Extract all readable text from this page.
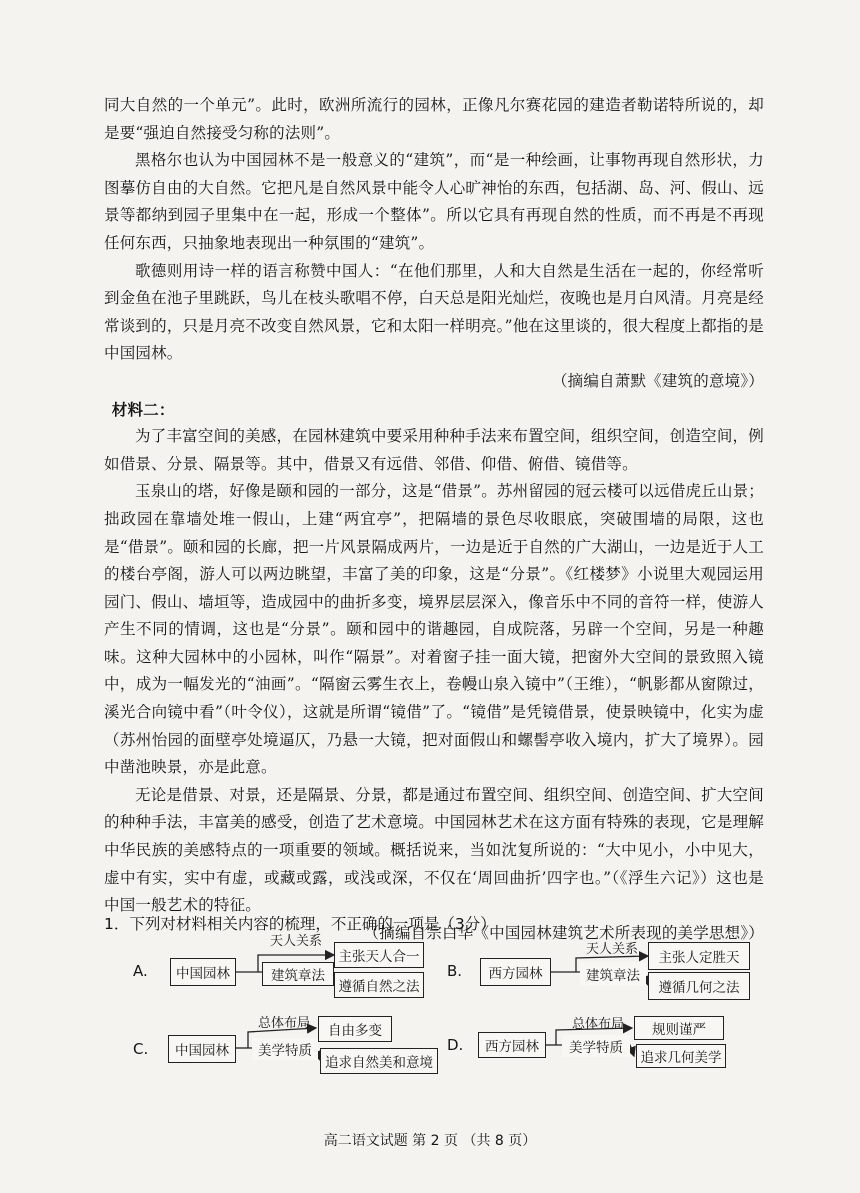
同大自然的一个单元”。此时，欧洲所流行的园林，正像凡尔赛花园的建造者勒诺特所说的，却是要“强迫自然接受匀称的法则”。

黑格尔也认为中国园林不是一般意义的“建筑”，而“是一种绘画，让事物再现自然形状，力图摹仿自由的大自然。它把凡是自然风景中能令人心旷神怡的东西，包括湖、岛、河、假山、远景等都纳到园子里集中在一起，形成一个整体”。所以它具有再现自然的性质，而不再是不再现任何东西，只抽象地表现出一种氛围的“建筑”。

歌德则用诗一样的语言称赞中国人：“在他们那里，人和大自然是生活在一起的，你经常听到金鱼在池子里跳跃，鸟儿在枝头歌唱不停，白天总是阳光灿烂，夜晚也是月白风清。月亮是经常谈到的，只是月亮不改变自然风景，它和太阳一样明亮。”他在这里谈的，很大程度上都指的是中国园林。

（摘编自萧默《建筑的意境》）

材料二：

为了丰富空间的美感，在园林建筑中要采用种种手法来布置空间，组织空间，创造空间，例如借景、分景、隔景等。其中，借景又有远借、邻借、仰借、俯借、镜借等。

玉泉山的塔，好像是颐和园的一部分，这是“借景”。苏州留园的冠云楼可以远借虎丘山景；拙政园在靠墙处堆一假山，上建“两宜亭”，把隔墙的景色尽收眼底，突破围墙的局限，这也是“借景”。颐和园的长廊，把一片风景隔成两片，一边是近于自然的广大湖山，一边是近于人工的楼台亭阁，游人可以两边眺望，丰富了美的印象，这是“分景”。《红楼梦》小说里大观园运用园门、假山、墙垣等，造成园中的曲折多变，境界层层深入，像音乐中不同的音符一样，使游人产生不同的情调，这也是“分景”。颐和园中的谐趣园，自成院落，另辟一个空间，另是一种趣味。这种大园林中的小园林，叫作“隔景”。对着窗子挂一面大镜，把窗外大空间的景致照入镜中，成为一幅发光的“油画”。“隔窗云雾生衣上，卷幔山泉入镜中”（王维），“帆影都从窗隙过，溪光合向镜中看”（叶令仪），这就是所谓“镜借”了。“镜借”是凭镜借景，使景映镜中，化实为虚（苏州怡园的面壁亭处境逼仄，乃悬一大镜，把对面假山和螺髻亭收入境内，扩大了境界）。园中凿池映景，亦是此意。

无论是借景、对景，还是隔景、分景，都是通过布置空间、组织空间、创造空间、扩大空间的种种手法，丰富美的感受，创造了艺术意境。中国园林艺术在这方面有特殊的表现，它是理解中华民族的美感特点的一项重要的领域。概括说来，当如沈复所说的：“大中见小，小中见大，虚中有实，实中有虚，或藏或露，或浅或深，不仅在‘周回曲折’四字也。”（《浮生六记》）这也是中国一般艺术的特征。

（摘编自宗白华《中国园林建筑艺术所表现的美学思想》）

1．下列对材料相关内容的梳理，不正确的一项是（3分）
A.	中国园林
天人关系
建筑章法
主张天人合一
遵循自然之法
B.	西方园林
天人关系
建筑章法
主张人定胜天
遵循几何之法
C.	中国园林
总体布局
美学特质
自由多变
追求自然美和意境
D.	西方园林
总体布局
美学特质
规则谨严
追求几何美学
高二语文试题 第 2 页 （共 8 页）
